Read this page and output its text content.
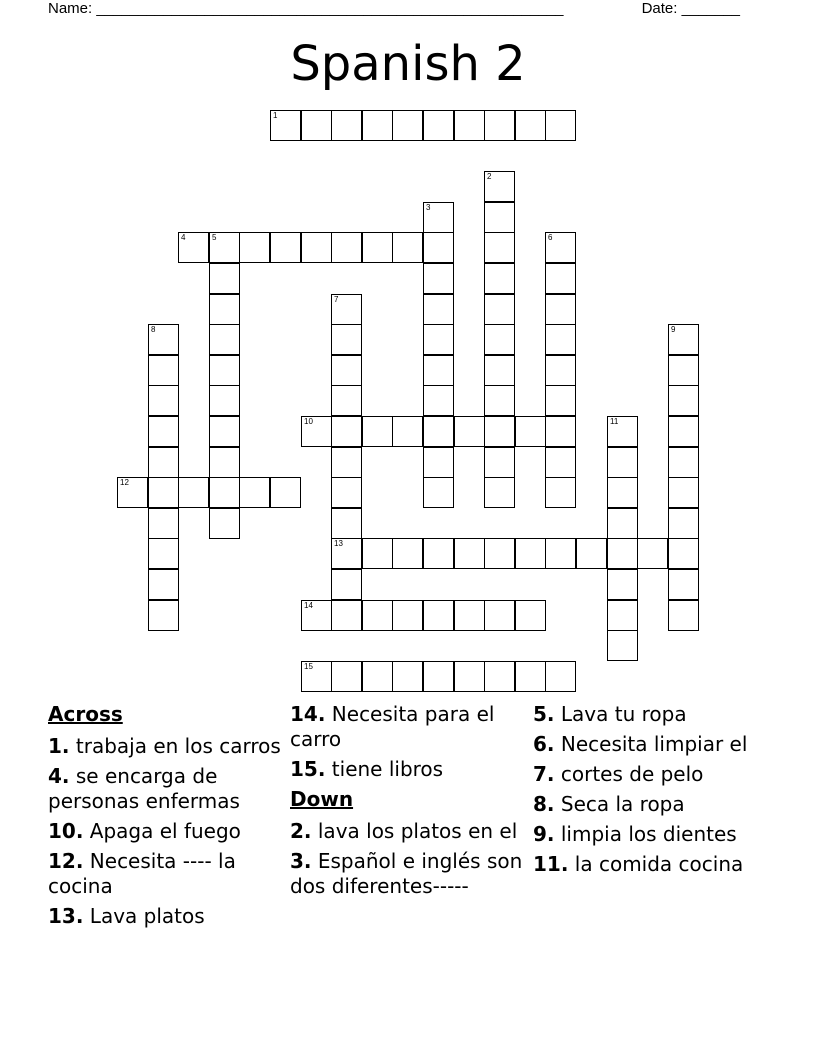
Name: ________________________________________________________	Date: _______
Spanish 2
1
2
3
4	5	6
7
13
8	9
10	11
12
14
15
Across
1. trabaja en los carros
4. se encarga de personas enfermas
10. Apaga el fuego
12. Necesita ---- la cocina
13. Lava platos
14. Necesita para el carro
15. tiene libros
Down
2. lava los platos en el
3. Español e inglés son dos diferentes-----
5. Lava tu ropa
6. Necesita limpiar el
7. cortes de pelo
8. Seca la ropa
9. limpia los dientes
11. la comida cocina
